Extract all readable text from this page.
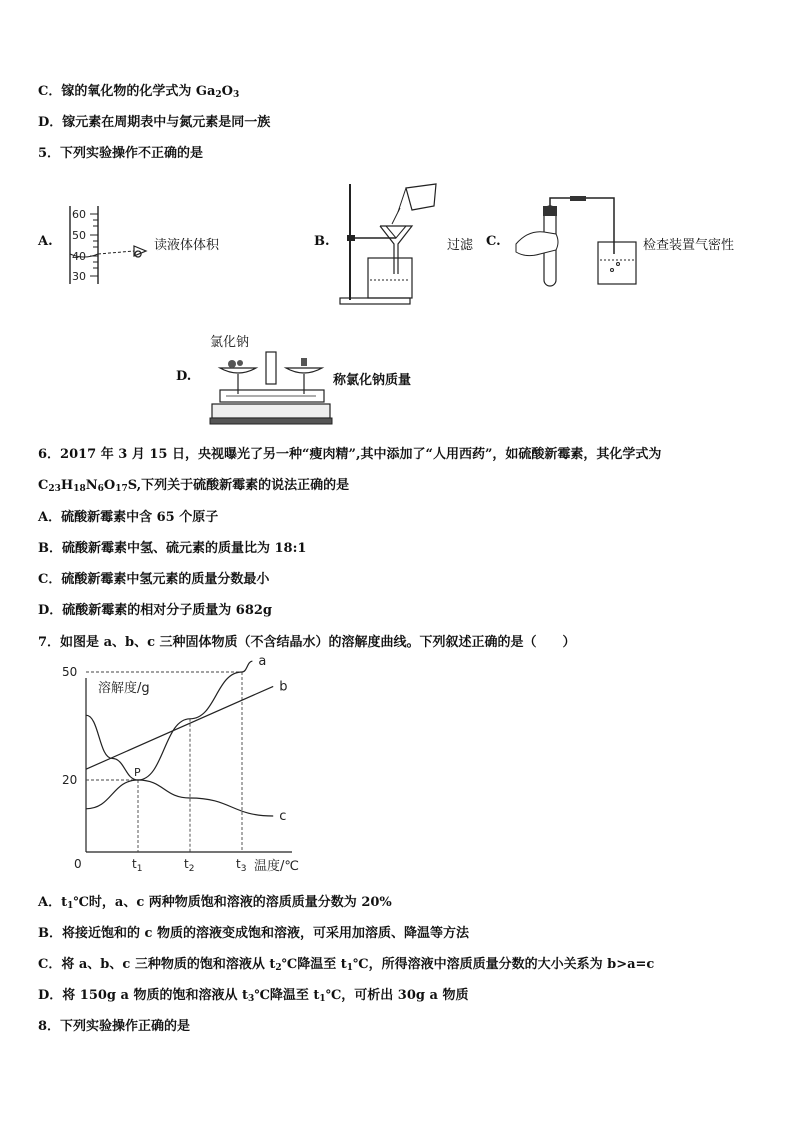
C．镓的氧化物的化学式为 $Ga_2O_3$
D．镓元素在周期表中与氮元素是同一族
5．下列实验操作不正确的是
A.
60
50
40
30
读液体体积	B.	过滤 C.	检查装置气密性
氯化钠
D.	称氯化钠质量
6．2017 年 3 月 15 日，央视曝光了另一种“瘦肉精”,其中添加了“人用西药”，如硫酸新霉素，其化学式为
$C_{23}H_{18}N_6O_{17}S$,下列关于硫酸新霉素的说法正确的是
A．硫酸新霉素中含 65 个原子
B．硫酸新霉素中氢、硫元素的质量比为 18:1
C．硫酸新霉素中氢元素的质量分数最小
D．硫酸新霉素的相对分子质量为 682g
7．如图是 a、b、c 三种固体物质（不含结晶水）的溶解度曲线。下列叙述正确的是（　　）
溶解度/g
温度/℃
0
20
50
$t_1$	$t_2$	$t_3$
a
b
c
P
A．$t_1℃$时，a、c 两种物质饱和溶液的溶质质量分数为 20%
B．将接近饱和的 c 物质的溶液变成饱和溶液，可采用加溶质、降温等方法
C．将 a、b、c 三种物质的饱和溶液从 $t_2℃$降温至 $t_1℃$，所得溶液中溶质质量分数的大小关系为 b>a=c
D．将 150g a 物质的饱和溶液从 $t_3℃$降温至 $t_1℃$，可析出 30g a 物质
8．下列实验操作正确的是
